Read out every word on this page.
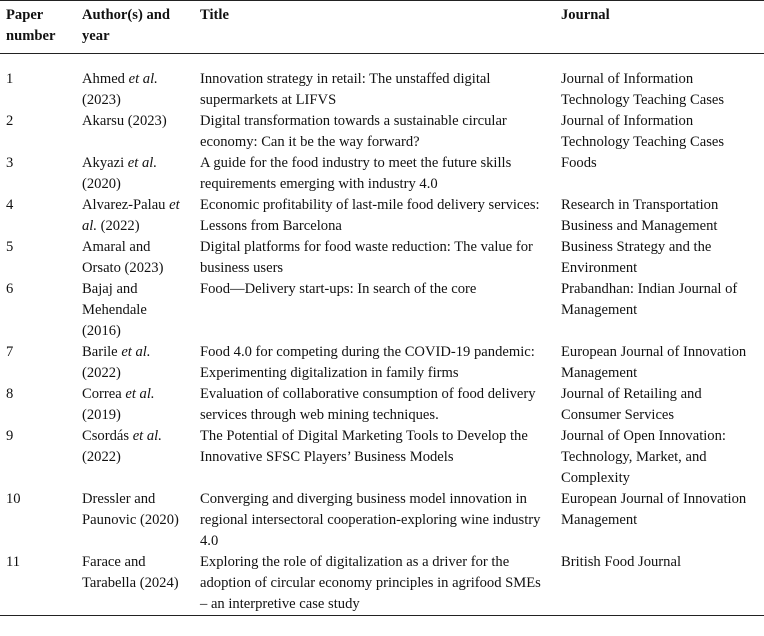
Paper number	Author(s) and year	Title	Journal
1	Ahmed et al. (2023)	Innovation strategy in retail: The unstaffed digital supermarkets at LIFVS	Journal of Information Technology Teaching Cases
2	Akarsu (2023)	Digital transformation towards a sustainable circular economy: Can it be the way forward?	Journal of Information Technology Teaching Cases
3	Akyazi et al. (2020)	A guide for the food industry to meet the future skills requirements emerging with industry 4.0	Foods
4	Alvarez-Palau et al. (2022)	Economic profitability of last-mile food delivery services: Lessons from Barcelona	Research in Transportation Business and Management
5	Amaral and Orsato (2023)	Digital platforms for food waste reduction: The value for business users	Business Strategy and the Environment
6	Bajaj and Mehendale (2016)	Food—Delivery start-ups: In search of the core	Prabandhan: Indian Journal of Management
7	Barile et al. (2022)	Food 4.0 for competing during the COVID-19 pandemic: Experimenting digitalization in family firms	European Journal of Innovation Management
8	Correa et al. (2019)	Evaluation of collaborative consumption of food delivery services through web mining techniques.	Journal of Retailing and Consumer Services
9	Csordás et al. (2022)	The Potential of Digital Marketing Tools to Develop the Innovative SFSC Players’ Business Models	Journal of Open Innovation: Technology, Market, and Complexity
10	Dressler and Paunovic (2020)	Converging and diverging business model innovation in regional intersectoral cooperation-exploring wine industry 4.0	European Journal of Innovation Management
11	Farace and Tarabella (2024)	Exploring the role of digitalization as a driver for the adoption of circular economy principles in agrifood SMEs – an interpretive case study	British Food Journal
